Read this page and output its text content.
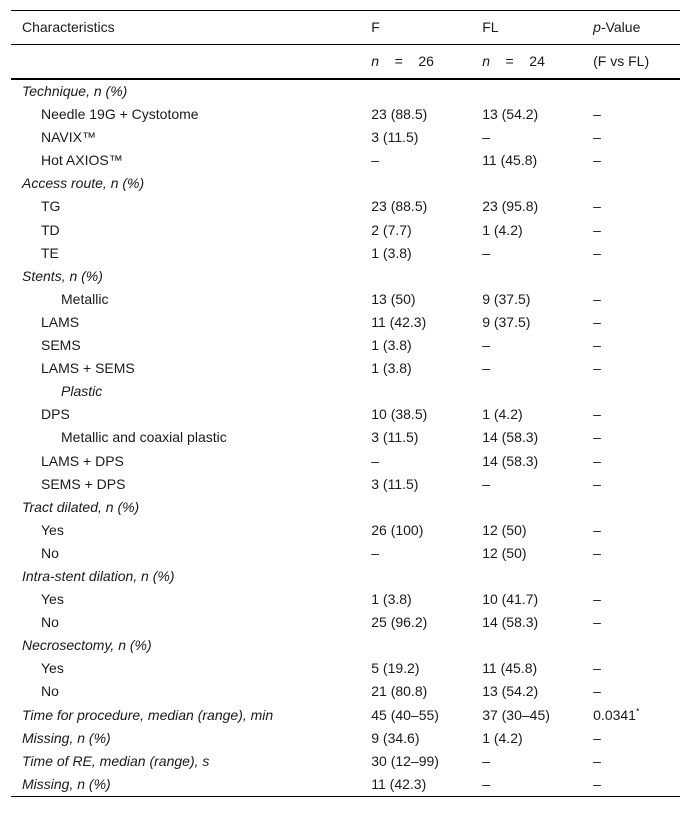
Characteristics	F	FL	p-Value
	n = 26	n = 24	(F vs FL)
Technique, n (%)			
Needle 19G + Cystotome	23 (88.5)	13 (54.2)	–
NAVIX™	3 (11.5)	–	–
Hot AXIOS™	–	11 (45.8)	–
Access route, n (%)			
TG	23 (88.5)	23 (95.8)	–
TD	2 (7.7)	1 (4.2)	–
TE	1 (3.8)	–	–
Stents, n (%)			
Metallic	13 (50)	9 (37.5)	–
LAMS	11 (42.3)	9 (37.5)	–
SEMS	1 (3.8)	–	–
LAMS + SEMS	1 (3.8)	–	–
Plastic			
DPS	10 (38.5)	1 (4.2)	–
Metallic and coaxial plastic	3 (11.5)	14 (58.3)	–
LAMS + DPS	–	14 (58.3)	–
SEMS + DPS	3 (11.5)	–	–
Tract dilated, n (%)			
Yes	26 (100)	12 (50)	–
No	–	12 (50)	–
Intra-stent dilation, n (%)			
Yes	1 (3.8)	10 (41.7)	–
No	25 (96.2)	14 (58.3)	–
Necrosectomy, n (%)			
Yes	5 (19.2)	11 (45.8)	–
No	21 (80.8)	13 (54.2)	–
Time for procedure, median (range), min	45 (40–55)	37 (30–45)	0.0341*
Missing, n (%)	9 (34.6)	1 (4.2)	–
Time of RE, median (range), s	30 (12–99)	–	–
Missing, n (%)	11 (42.3)	–	–
